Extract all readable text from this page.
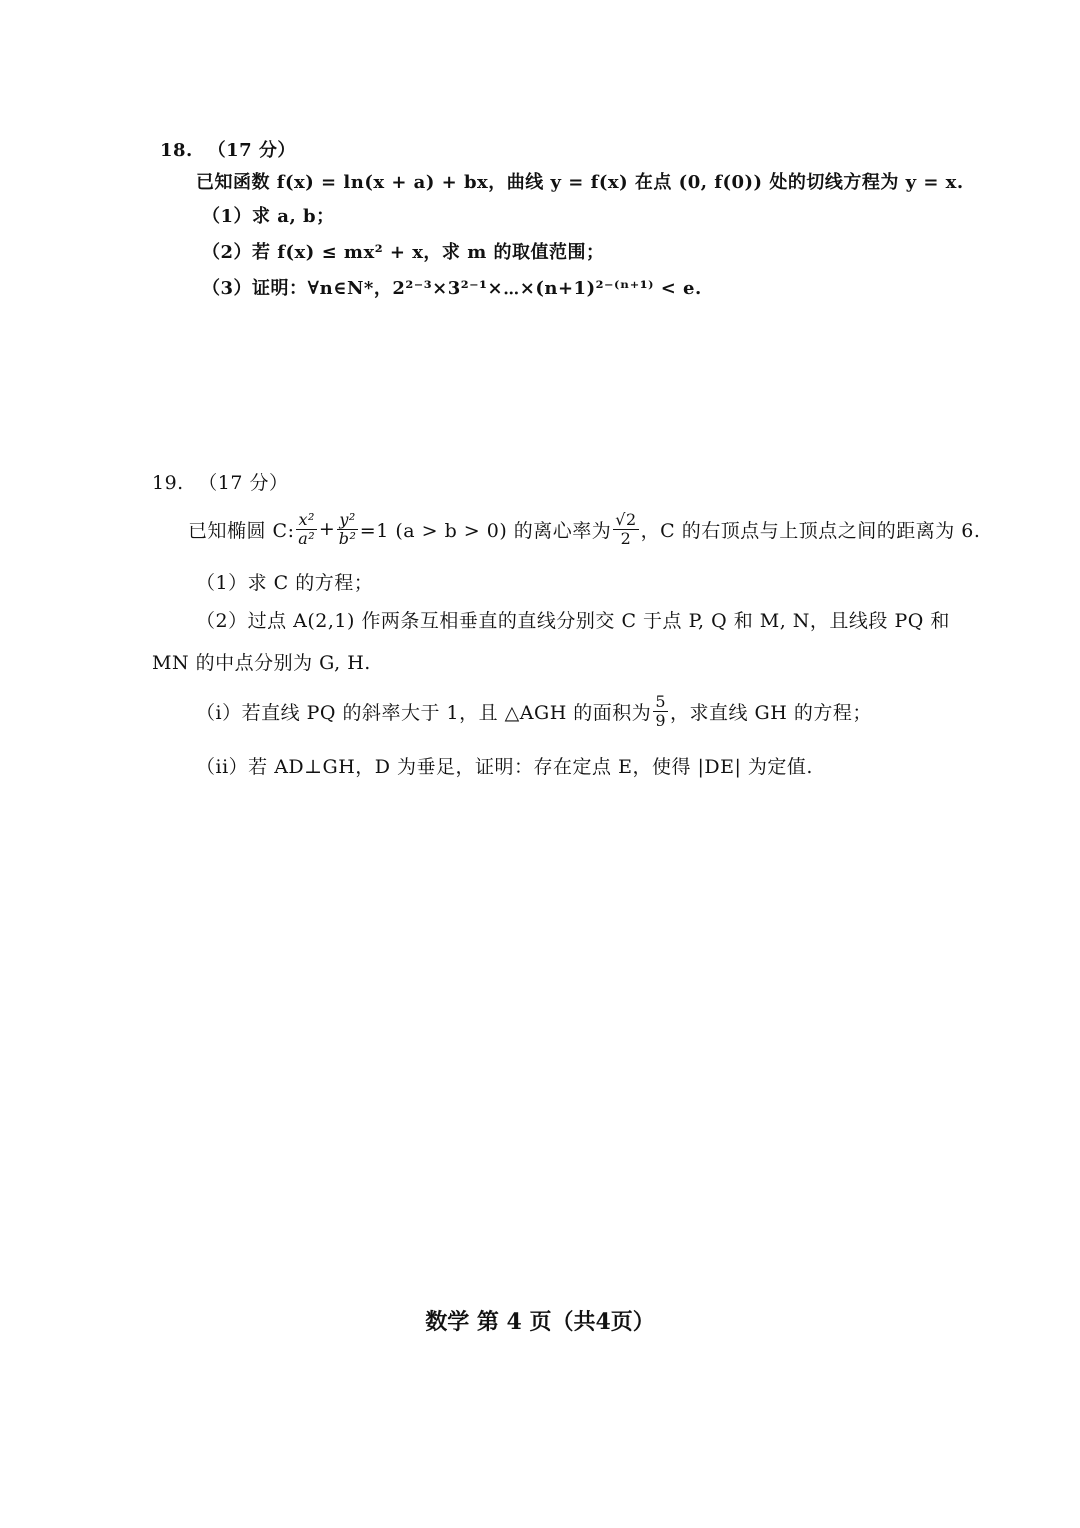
18. （17 分）
已知函数 f(x) = ln(x + a) + bx，曲线 y = f(x) 在点 (0, f(0)) 处的切线方程为 y = x.
（1）求 a, b；
（2）若 f(x) ≤ mx² + x，求 m 的取值范围；
（3）证明：∀n∈N*，2²⁻³×3²⁻¹×⋯×(n+1)²⁻⁽ⁿ⁺¹⁾ < e.
19. （17 分）
已知椭圆 C: $\frac{\text{x²}}{\text{a²}} + \frac{\text{y²}}{\text{b²}} =1$ (a > b > 0) 的离心率为 $\frac{√2}{2}$ ，C 的右顶点与上顶点之间的距离为 6.
（1）求 C 的方程；
（2）过点 A(2,1) 作两条互相垂直的直线分别交 C 于点 P, Q 和 M, N，且线段 PQ 和
MN 的中点分别为 G, H.
（i）若直线 PQ 的斜率大于 1，且 △AGH 的面积为 $\frac{5}{9}$ ，求直线 GH 的方程；
（ii）若 AD⊥GH，D 为垂足，证明：存在定点 E，使得 |DE| 为定值.
数学 第 4 页（共4页）
